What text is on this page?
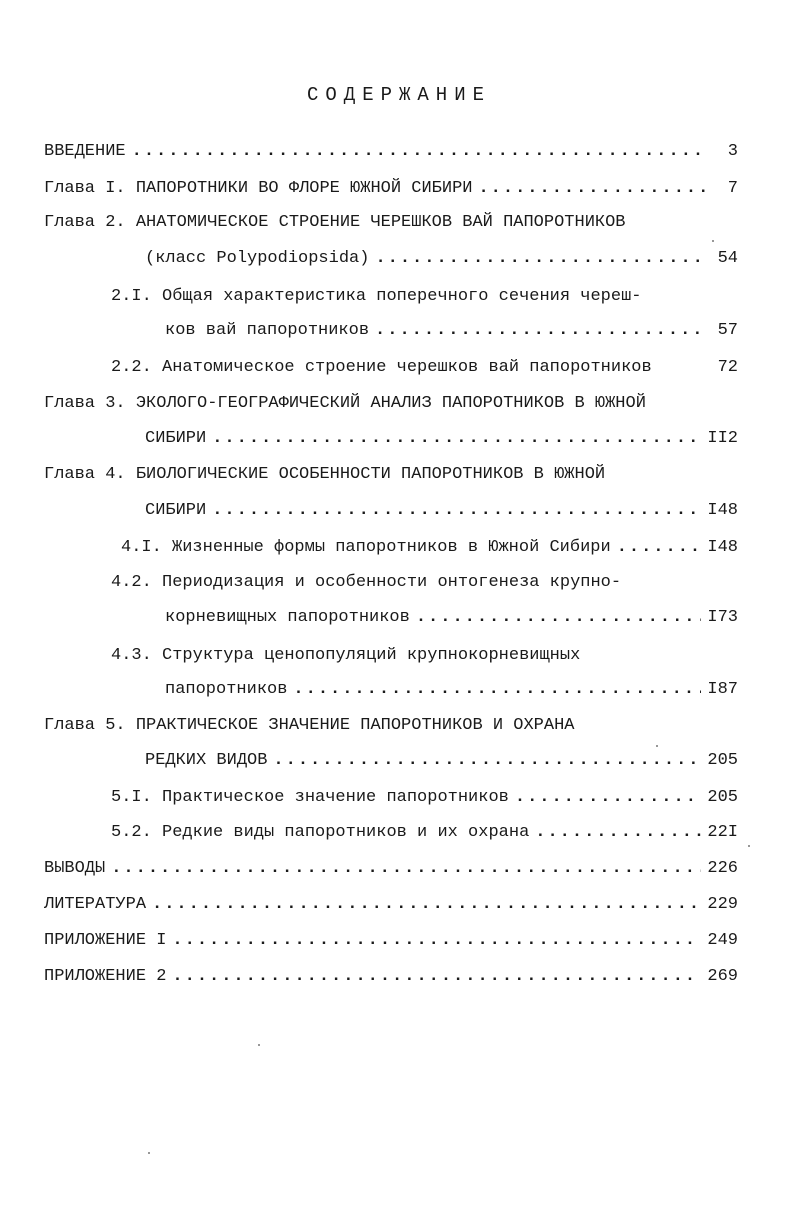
СОДЕРЖАНИЕ
ВВЕДЕНИЕ .....	3
Глава I. ПАПОРОТНИКИ ВО ФЛОРЕ ЮЖНОЙ СИБИРИ .....	7
Глава 2. АНАТОМИЧЕСКОЕ СТРОЕНИЕ ЧЕРЕШКОВ ВАЙ ПАПОРОТНИКОВ
(класс Polypodiopsida) .....	54
2.I. Общая характеристика поперечного сечения череш-
ков вай папоротников .....	57
2.2. Анатомическое строение черешков вай папоротников	72
Глава 3. ЭКОЛОГО-ГЕОГРАФИЧЕСКИЙ АНАЛИЗ ПАПОРОТНИКОВ В ЮЖНОЙ
СИБИРИ .....	II2
Глава 4. БИОЛОГИЧЕСКИЕ ОСОБЕННОСТИ ПАПОРОТНИКОВ В ЮЖНОЙ
СИБИРИ .....	I48
4.I. Жизненные формы папоротников в Южной Сибири .....	I48
4.2. Периодизация и особенности онтогенеза крупно-
корневищных папоротников .....	I73
4.3. Структура ценопопуляций крупнокорневищных
папоротников .....	I87
Глава 5. ПРАКТИЧЕСКОЕ ЗНАЧЕНИЕ ПАПОРОТНИКОВ И ОХРАНА
РЕДКИХ ВИДОВ .....	205
5.I. Практическое значение папоротников .....	205
5.2. Редкие виды папоротников и их охрана .....	22I
ВЫВОДЫ .....	226
ЛИТЕРАТУРА .....	229
ПРИЛОЖЕНИЕ I .....	249
ПРИЛОЖЕНИЕ 2 .....	269
